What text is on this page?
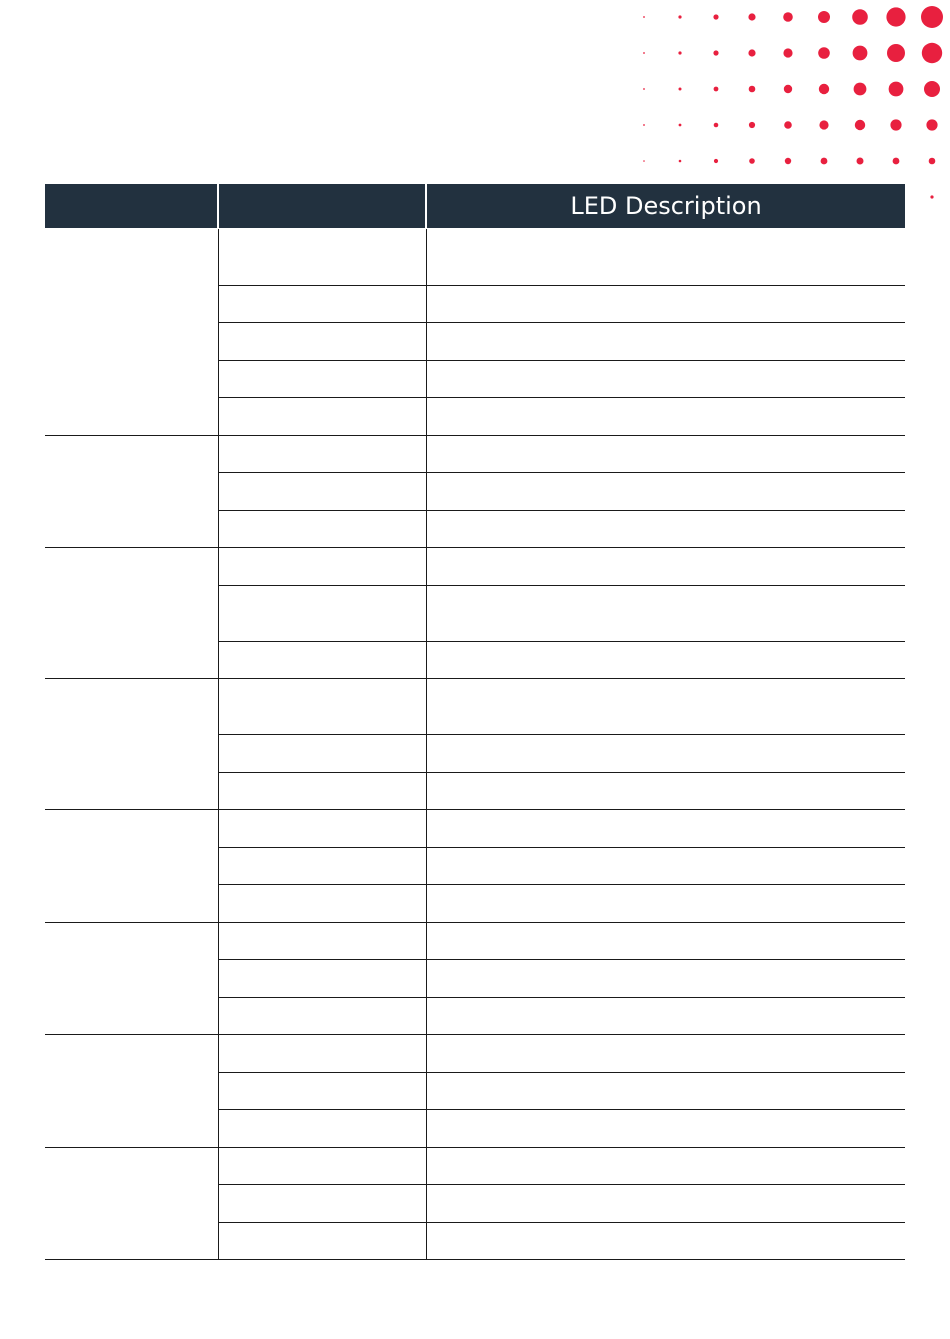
		LED Description
